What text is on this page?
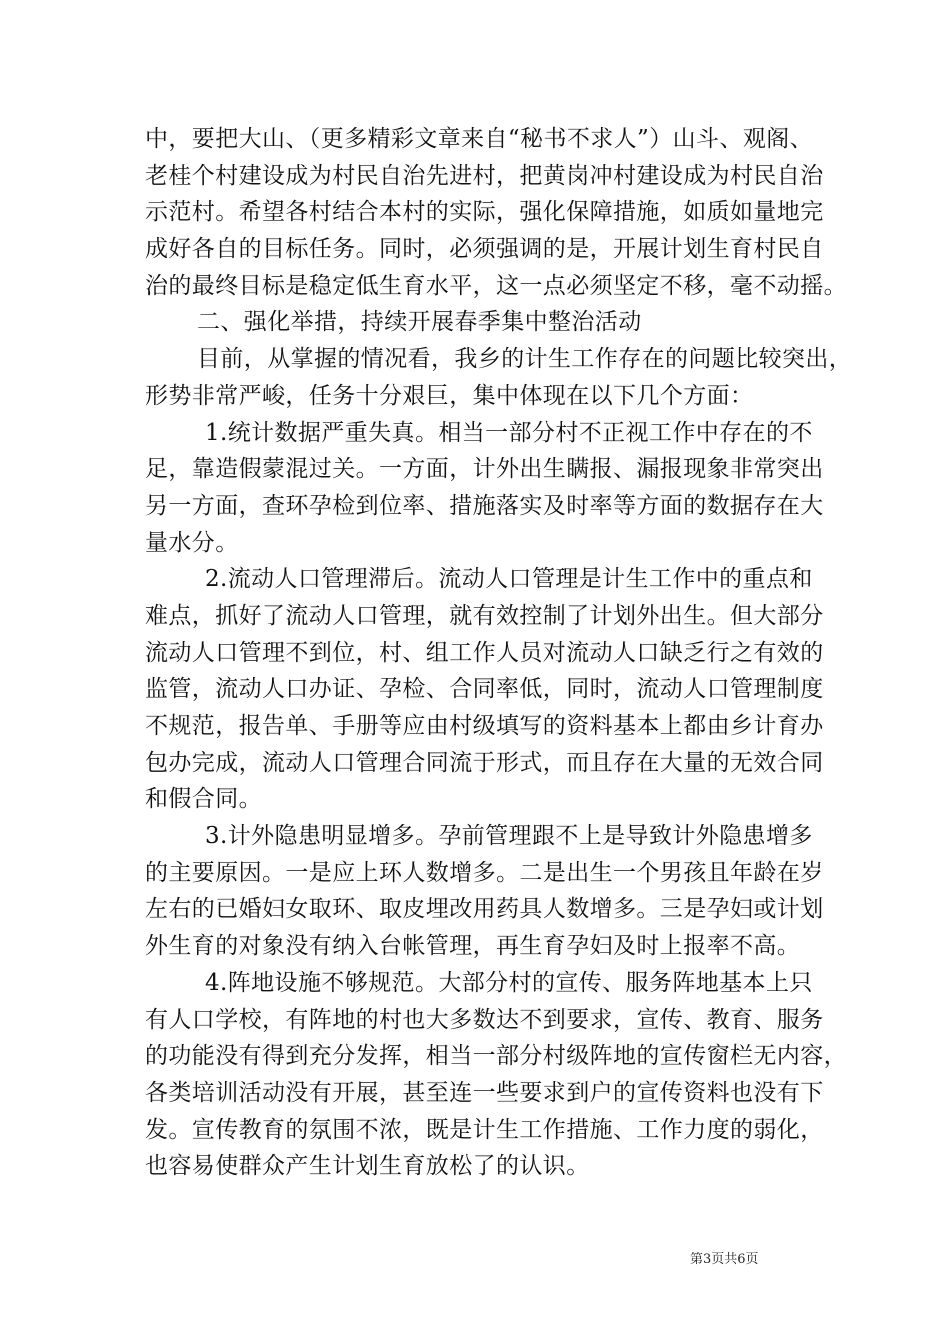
中，要把大山、（更多精彩文章来自“秘书不求人”）山斗、观阁、
老桂个村建设成为村民自治先进村，把黄岗冲村建设成为村民自治
示范村。希望各村结合本村的实际，强化保障措施，如质如量地完
成好各自的目标任务。同时，必须强调的是，开展计划生育村民自
治的最终目标是稳定低生育水平，这一点必须坚定不移，毫不动摇。
二、强化举措，持续开展春季集中整治活动
目前，从掌握的情况看，我乡的计生工作存在的问题比较突出，
形势非常严峻，任务十分艰巨，集中体现在以下几个方面：
1.统计数据严重失真。相当一部分村不正视工作中存在的不
足，靠造假蒙混过关。一方面，计外出生瞒报、漏报现象非常突出
另一方面，查环孕检到位率、措施落实及时率等方面的数据存在大
量水分。
2.流动人口管理滞后。流动人口管理是计生工作中的重点和
难点，抓好了流动人口管理，就有效控制了计划外出生。但大部分
流动人口管理不到位，村、组工作人员对流动人口缺乏行之有效的
监管，流动人口办证、孕检、合同率低，同时，流动人口管理制度
不规范，报告单、手册等应由村级填写的资料基本上都由乡计育办
包办完成，流动人口管理合同流于形式，而且存在大量的无效合同
和假合同。
3.计外隐患明显增多。孕前管理跟不上是导致计外隐患增多
的主要原因。一是应上环人数增多。二是出生一个男孩且年龄在岁
左右的已婚妇女取环、取皮埋改用药具人数增多。三是孕妇或计划
外生育的对象没有纳入台帐管理，再生育孕妇及时上报率不高。
4.阵地设施不够规范。大部分村的宣传、服务阵地基本上只
有人口学校，有阵地的村也大多数达不到要求，宣传、教育、服务
的功能没有得到充分发挥，相当一部分村级阵地的宣传窗栏无内容，
各类培训活动没有开展，甚至连一些要求到户的宣传资料也没有下
发。宣传教育的氛围不浓，既是计生工作措施、工作力度的弱化，
也容易使群众产生计划生育放松了的认识。
第3页共6页
